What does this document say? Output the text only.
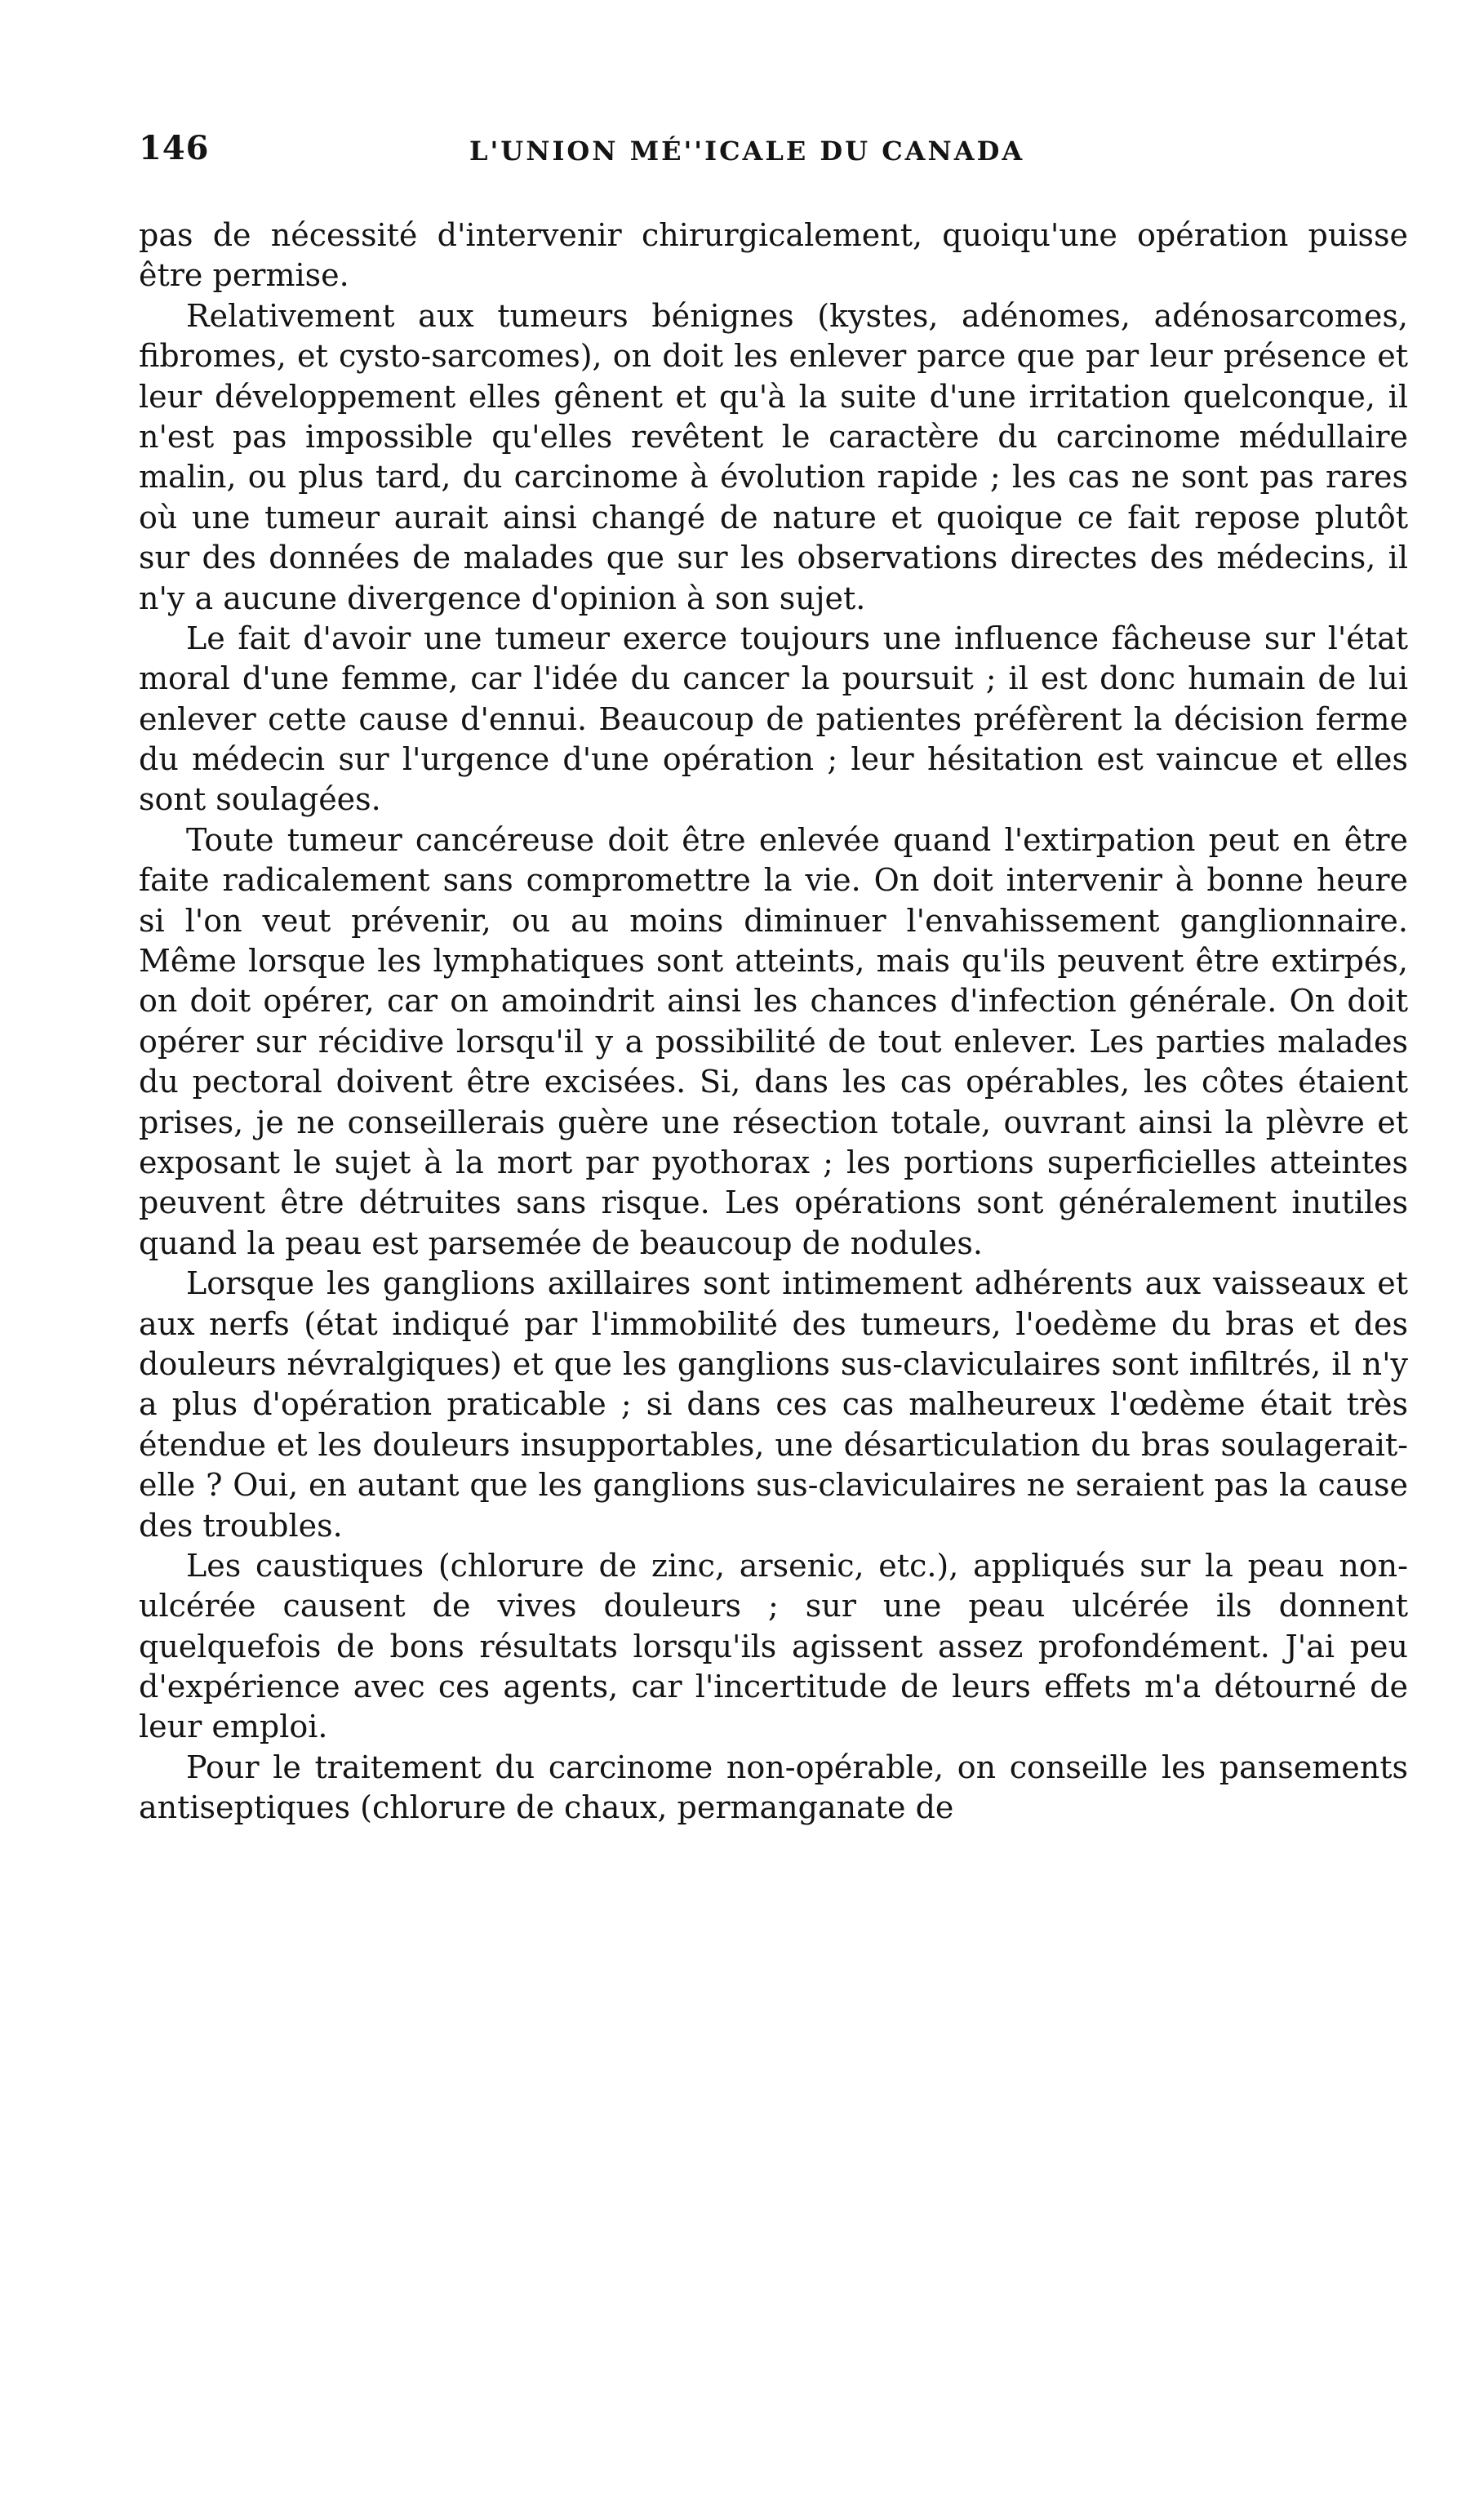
146	L'UNION MÉ''ICALE DU CANADA

pas de nécessité d'intervenir chirurgicalement, quoiqu'une opération puisse être permise.

Relativement aux tumeurs bénignes (kystes, adénomes, adénosarcomes, fibromes, et cysto-sarcomes), on doit les enlever parce que par leur présence et leur développement elles gênent et qu'à la suite d'une irritation quelconque, il n'est pas impossible qu'elles revêtent le caractère du carcinome médullaire malin, ou plus tard, du carcinome à évolution rapide ; les cas ne sont pas rares où une tumeur aurait ainsi changé de nature et quoique ce fait repose plutôt sur des données de malades que sur les observations directes des médecins, il n'y a aucune divergence d'opinion à son sujet.

Le fait d'avoir une tumeur exerce toujours une influence fâcheuse sur l'état moral d'une femme, car l'idée du cancer la poursuit ; il est donc humain de lui enlever cette cause d'ennui. Beaucoup de patientes préfèrent la décision ferme du médecin sur l'urgence d'une opération ; leur hésitation est vaincue et elles sont soulagées.

Toute tumeur cancéreuse doit être enlevée quand l'extirpation peut en être faite radicalement sans compromettre la vie. On doit intervenir à bonne heure si l'on veut prévenir, ou au moins diminuer l'envahissement ganglionnaire. Même lorsque les lymphatiques sont atteints, mais qu'ils peuvent être extirpés, on doit opérer, car on amoindrit ainsi les chances d'infection générale. On doit opérer sur récidive lorsqu'il y a possibilité de tout enlever. Les parties malades du pectoral doivent être excisées. Si, dans les cas opérables, les côtes étaient prises, je ne conseillerais guère une résection totale, ouvrant ainsi la plèvre et exposant le sujet à la mort par pyothorax ; les portions superficielles atteintes peuvent être détruites sans risque. Les opérations sont généralement inutiles quand la peau est parsemée de beaucoup de nodules.

Lorsque les ganglions axillaires sont intimement adhérents aux vaisseaux et aux nerfs (état indiqué par l'immobilité des tumeurs, l'oedème du bras et des douleurs névralgiques) et que les ganglions sus-claviculaires sont infiltrés, il n'y a plus d'opération praticable ; si dans ces cas malheureux l'œdème était très étendue et les douleurs insupportables, une désarticulation du bras soulagerait-elle ? Oui, en autant que les ganglions sus-claviculaires ne seraient pas la cause des troubles.

Les caustiques (chlorure de zinc, arsenic, etc.), appliqués sur la peau non-ulcérée causent de vives douleurs ; sur une peau ulcérée ils donnent quelquefois de bons résultats lorsqu'ils agissent assez profondément. J'ai peu d'expérience avec ces agents, car l'incertitude de leurs effets m'a détourné de leur emploi.

Pour le traitement du carcinome non-opérable, on conseille les pansements antiseptiques (chlorure de chaux, permanganate de
